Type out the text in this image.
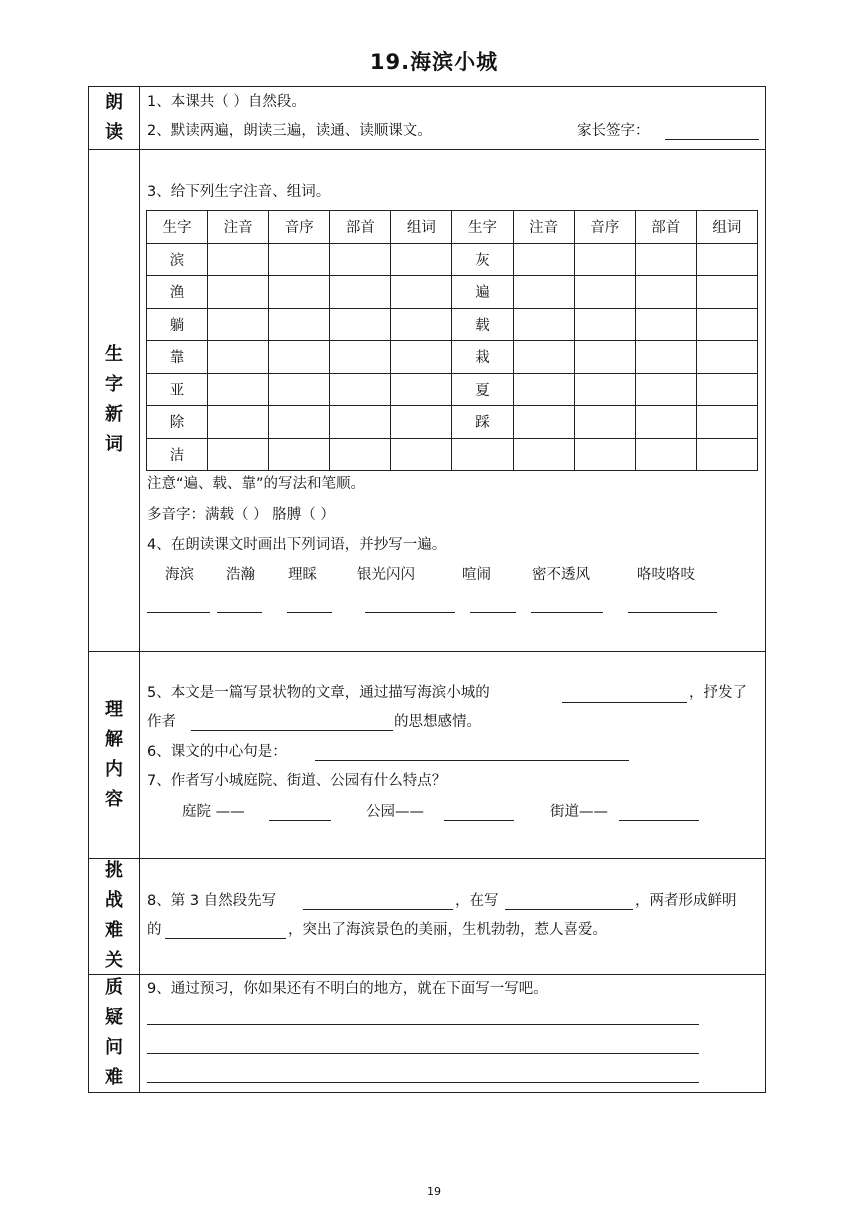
19.海滨小城
朗
读
1、本课共（ ）自然段。
2、默读两遍，朗读三遍，读通、读顺课文。	家长签字：
生
字
新
词
3、给下列生字注音、组词。
生字	注音	音序	部首	组词	生字	注音	音序	部首	组词
滨					灰				
渔					遍				
躺					载				
靠					栽				
亚					夏				
除					踩				
洁									
注意“遍、载、靠”的写法和笔顺。
多音字：满载（ ） 胳膊（ ）
4、在朗读课文时画出下列词语，并抄写一遍。
海滨 浩瀚 理睬	银光闪闪	喧闹	密不透风	咯吱咯吱
理
解
内
容
5、本文是一篇写景状物的文章，通过描写海滨小城的	，抒发了
作者	的思想感情。
6、课文的中心句是：
7、作者写小城庭院、街道、公园有什么特点？
庭院 ——	公园——	街道——
挑
战
难
关
8、第 3 自然段先写	，在写	，两者形成鲜明
的	，突出了海滨景色的美丽，生机勃勃，惹人喜爱。
质
疑
问
难
9、通过预习，你如果还有不明白的地方，就在下面写一写吧。
19
